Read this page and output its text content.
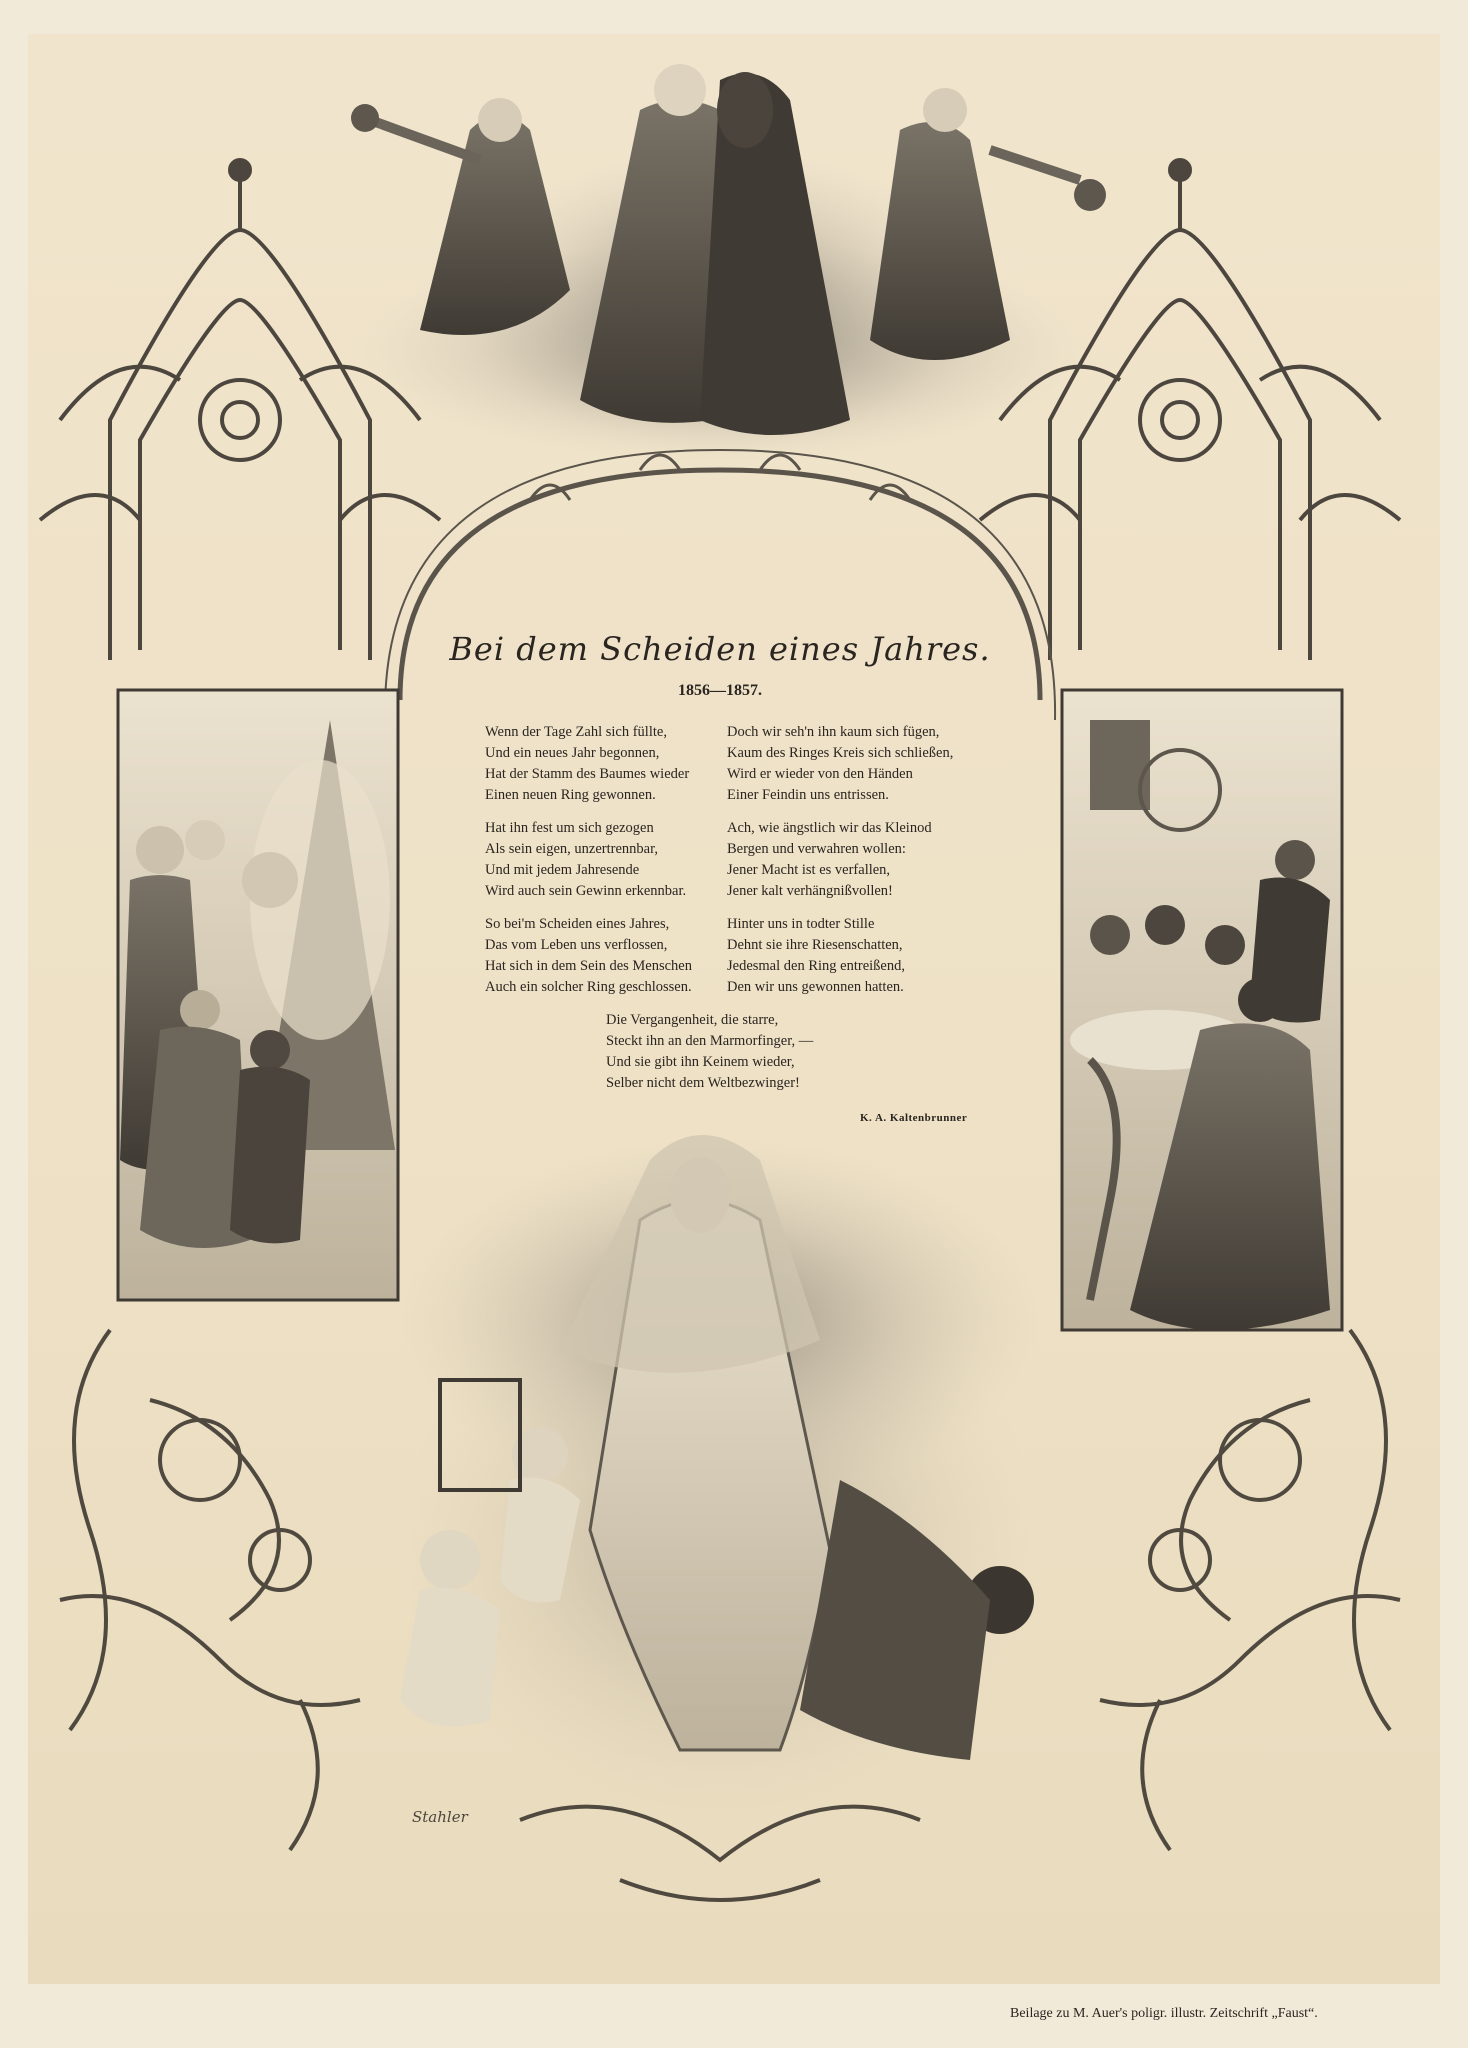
Bei dem Scheiden eines Jahres.
1856—1857.
Wenn der Tage Zahl sich füllte,
Und ein neues Jahr begonnen,
Hat der Stamm des Baumes wieder
Einen neuen Ring gewonnen.
Hat ihn fest um sich gezogen
Als sein eigen, unzertrennbar,
Und mit jedem Jahresende
Wird auch sein Gewinn erkennbar.
So bei'm Scheiden eines Jahres,
Das vom Leben uns verflossen,
Hat sich in dem Sein des Menschen
Auch ein solcher Ring geschlossen.
Doch wir seh'n ihn kaum sich fügen,
Kaum des Ringes Kreis sich schließen,
Wird er wieder von den Händen
Einer Feindin uns entrissen.
Ach, wie ängstlich wir das Kleinod
Bergen und verwahren wollen:
Jener Macht ist es verfallen,
Jener kalt verhängnißvollen!
Hinter uns in todter Stille
Dehnt sie ihre Riesenschatten,
Jedesmal den Ring entreißend,
Den wir uns gewonnen hatten.
Die Vergangenheit, die starre,
Steckt ihn an den Marmorfinger, —
Und sie gibt ihn Keinem wieder,
Selber nicht dem Weltbezwinger!
K. A. Kaltenbrunner
Stahler
Beilage zu M. Auer's poligr. illustr. Zeitschrift „Faust“.
